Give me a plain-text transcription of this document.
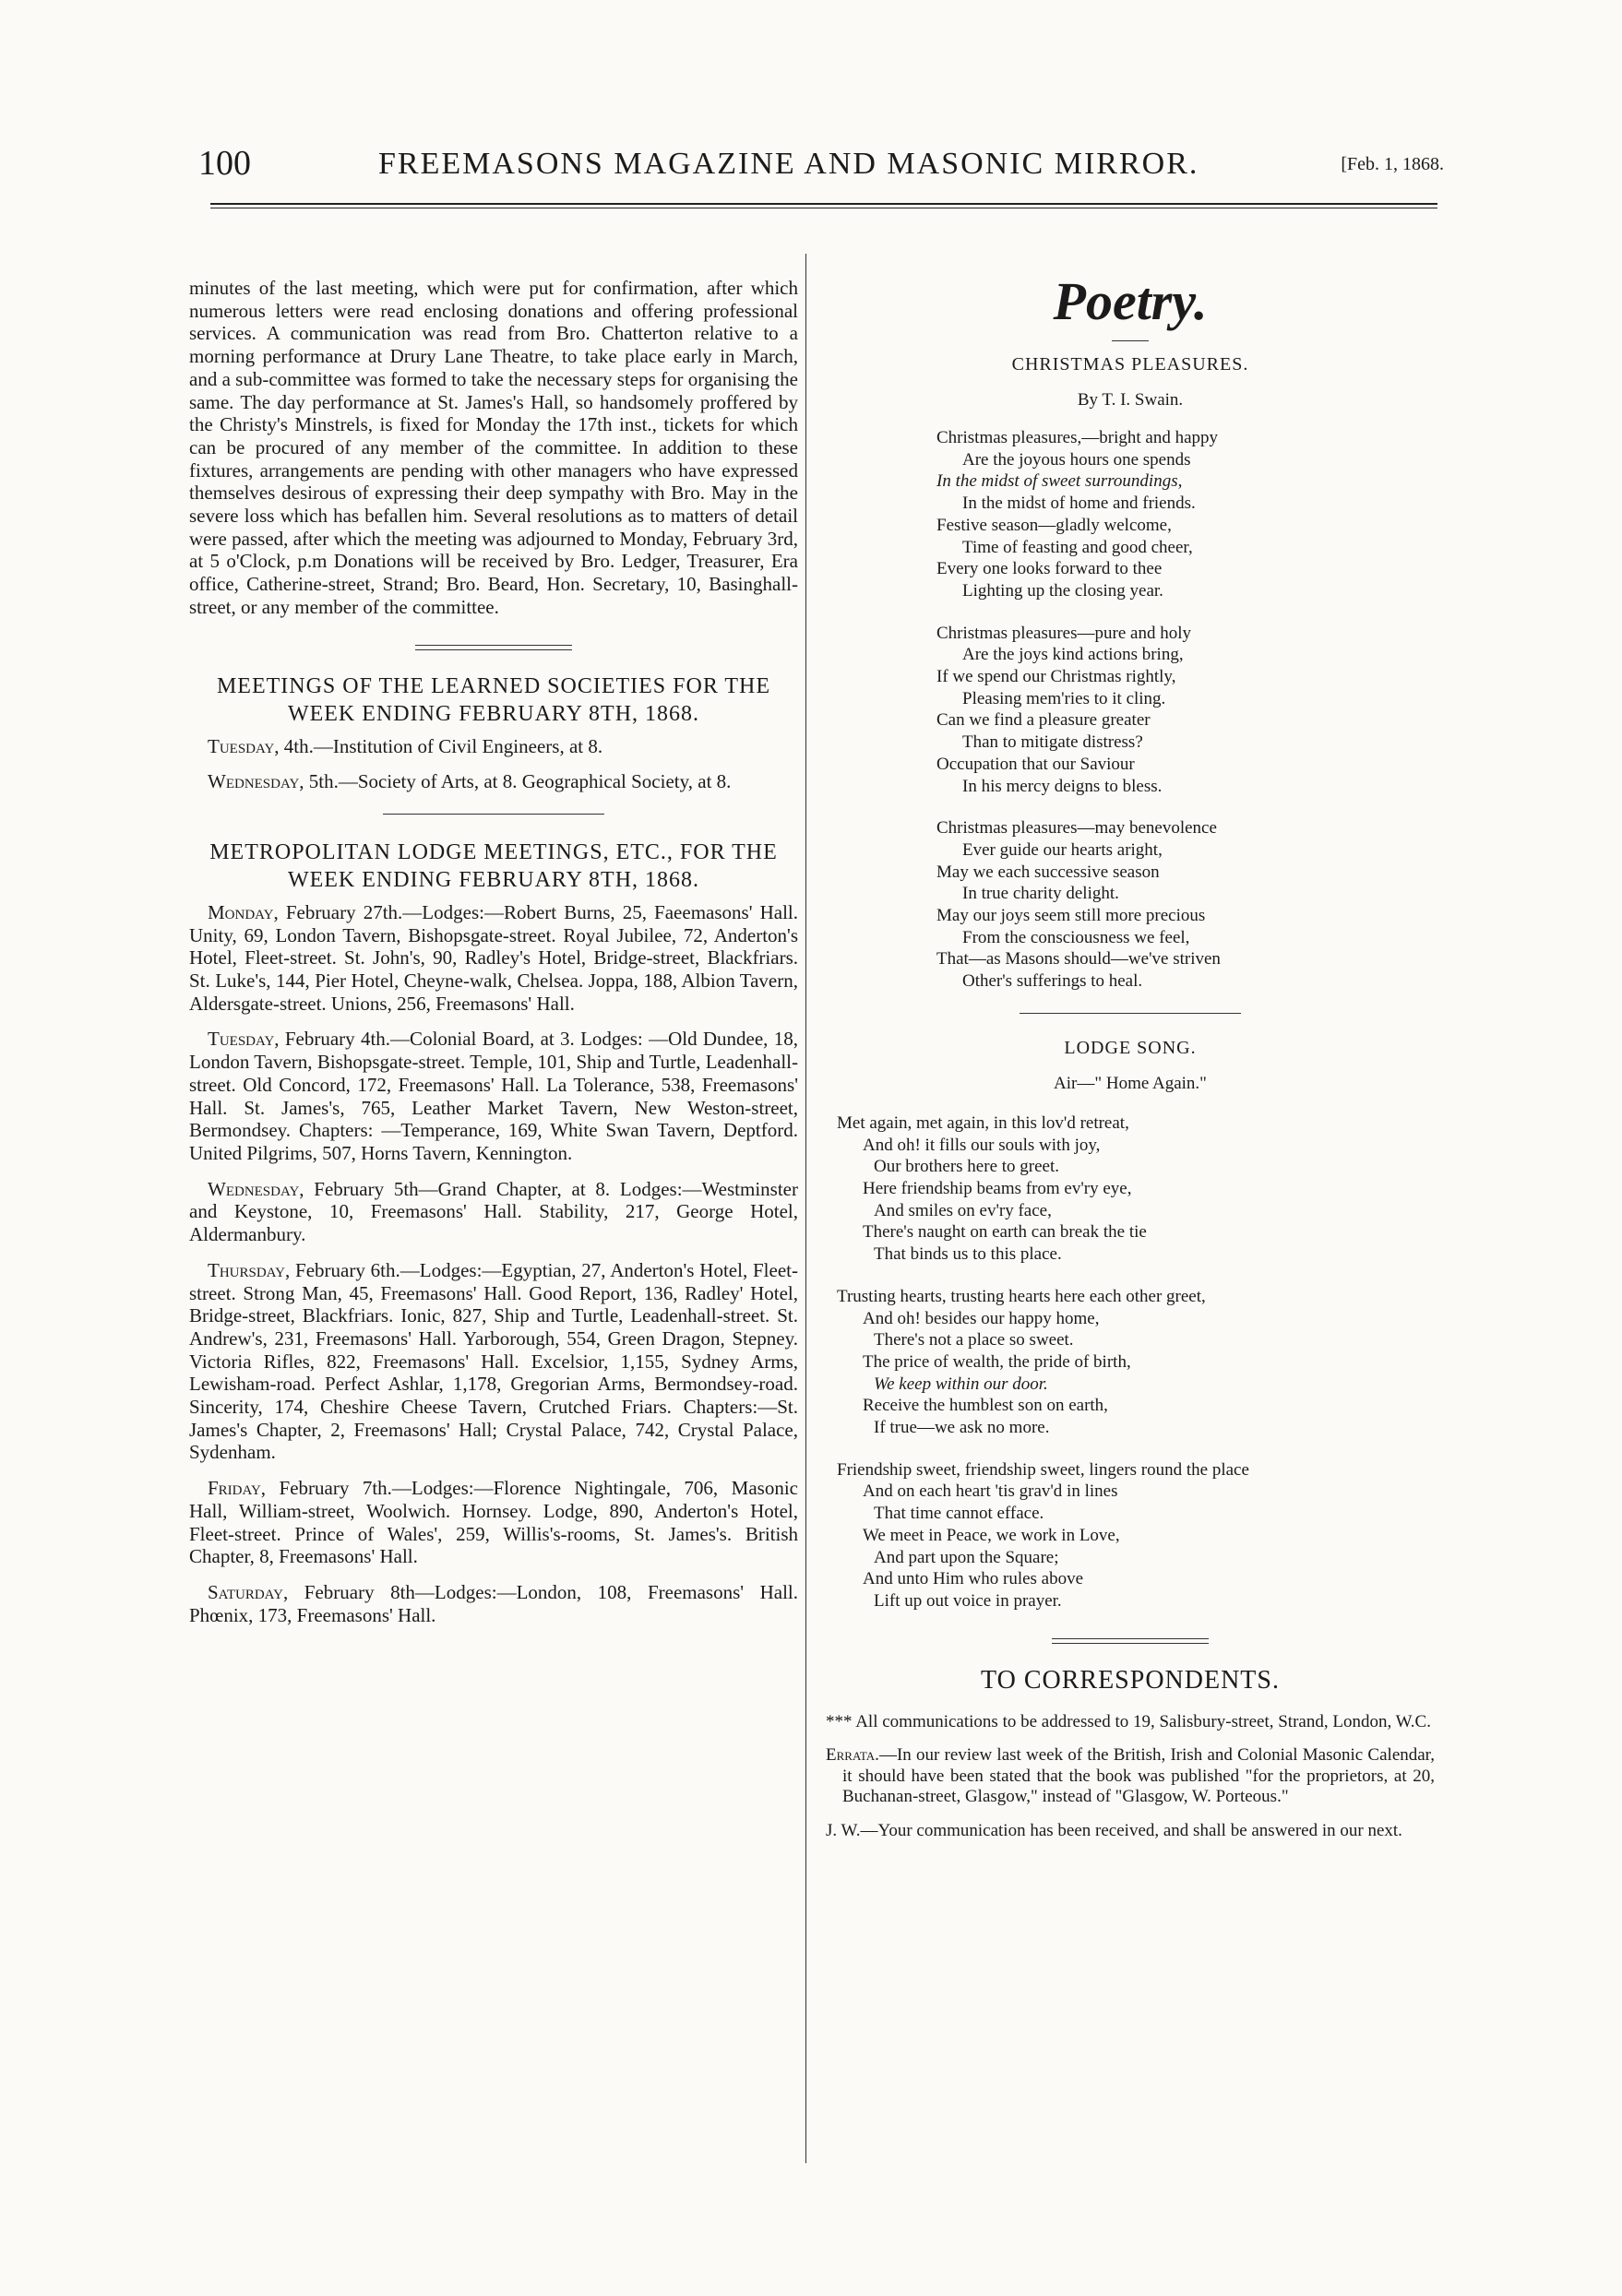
100	FREEMASONS MAGAZINE AND MASONIC MIRROR.	[Feb. 1, 1868.

minutes of the last meeting, which were put for confirmation, after which numerous letters were read enclosing donations and offering professional services. A communication was read from Bro. Chatterton relative to a morning performance at Drury Lane Theatre, to take place early in March, and a sub-committee was formed to take the necessary steps for organising the same. The day performance at St. James's Hall, so handsomely proffered by the Christy's Minstrels, is fixed for Monday the 17th inst., tickets for which can be procured of any member of the committee. In addition to these fixtures, arrangements are pending with other managers who have expressed themselves desirous of expressing their deep sympathy with Bro. May in the severe loss which has befallen him. Several resolutions as to matters of detail were passed, after which the meeting was adjourned to Monday, February 3rd, at 5 o'Clock, p.m Donations will be received by Bro. Ledger, Treasurer, Era office, Catherine-street, Strand; Bro. Beard, Hon. Secretary, 10, Basinghall-street, or any member of the committee.

MEETINGS OF THE LEARNED SOCIETIES FOR THE WEEK ENDING FEBRUARY 8TH, 1868.
Tuesday, 4th.—Institution of Civil Engineers, at 8.
Wednesday, 5th.—Society of Arts, at 8. Geographical Society, at 8.
METROPOLITAN LODGE MEETINGS, ETC., FOR THE WEEK ENDING FEBRUARY 8TH, 1868.
Monday, February 27th.—Lodges:—Robert Burns, 25, Faeemasons' Hall. Unity, 69, London Tavern, Bishopsgate-street. Royal Jubilee, 72, Anderton's Hotel, Fleet-street. St. John's, 90, Radley's Hotel, Bridge-street, Blackfriars. St. Luke's, 144, Pier Hotel, Cheyne-walk, Chelsea. Joppa, 188, Albion Tavern, Aldersgate-street. Unions, 256, Freemasons' Hall.
Tuesday, February 4th.—Colonial Board, at 3. Lodges: —Old Dundee, 18, London Tavern, Bishopsgate-street. Temple, 101, Ship and Turtle, Leadenhall-street. Old Concord, 172, Freemasons' Hall. La Tolerance, 538, Freemasons' Hall. St. James's, 765, Leather Market Tavern, New Weston-street, Bermondsey. Chapters: —Temperance, 169, White Swan Tavern, Deptford. United Pilgrims, 507, Horns Tavern, Kennington.
Wednesday, February 5th—Grand Chapter, at 8. Lodges:—Westminster and Keystone, 10, Freemasons' Hall. Stability, 217, George Hotel, Aldermanbury.
Thursday, February 6th.—Lodges:—Egyptian, 27, Anderton's Hotel, Fleet-street. Strong Man, 45, Freemasons' Hall. Good Report, 136, Radley' Hotel, Bridge-street, Blackfriars. Ionic, 827, Ship and Turtle, Leadenhall-street. St. Andrew's, 231, Freemasons' Hall. Yarborough, 554, Green Dragon, Stepney. Victoria Rifles, 822, Freemasons' Hall. Excelsior, 1,155, Sydney Arms, Lewisham-road. Perfect Ashlar, 1,178, Gregorian Arms, Bermondsey-road. Sincerity, 174, Cheshire Cheese Tavern, Crutched Friars. Chapters:—St. James's Chapter, 2, Freemasons' Hall; Crystal Palace, 742, Crystal Palace, Sydenham.
Friday, February 7th.—Lodges:—Florence Nightingale, 706, Masonic Hall, William-street, Woolwich. Hornsey. Lodge, 890, Anderton's Hotel, Fleet-street. Prince of Wales', 259, Willis's-rooms, St. James's. British Chapter, 8, Freemasons' Hall.
Saturday, February 8th—Lodges:—London, 108, Freemasons' Hall. Phœnix, 173, Freemasons' Hall.
Poetry.
CHRISTMAS PLEASURES.
By T. I. Swain.
Christmas pleasures,—bright and happy
Are the joyous hours one spends
In the midst of sweet surroundings,
In the midst of home and friends.
Festive season—gladly welcome,
Time of feasting and good cheer,
Every one looks forward to thee
Lighting up the closing year.
Christmas pleasures—pure and holy
Are the joys kind actions bring,
If we spend our Christmas rightly,
Pleasing mem'ries to it cling.
Can we find a pleasure greater
Than to mitigate distress?
Occupation that our Saviour
In his mercy deigns to bless.
Christmas pleasures—may benevolence
Ever guide our hearts aright,
May we each successive season
In true charity delight.
May our joys seem still more precious
From the consciousness we feel,
That—as Masons should—we've striven
Other's sufferings to heal.
LODGE SONG.
Air—" Home Again."
Met again, met again, in this lov'd retreat,
And oh! it fills our souls with joy,
Our brothers here to greet.
Here friendship beams from ev'ry eye,
And smiles on ev'ry face,
There's naught on earth can break the tie
That binds us to this place.
Trusting hearts, trusting hearts here each other greet,
And oh! besides our happy home,
There's not a place so sweet.
The price of wealth, the pride of birth,
We keep within our door.
Receive the humblest son on earth,
If true—we ask no more.
Friendship sweet, friendship sweet, lingers round the place
And on each heart 'tis grav'd in lines
That time cannot efface.
We meet in Peace, we work in Love,
And part upon the Square;
And unto Him who rules above
Lift up out voice in prayer.
TO CORRESPONDENTS.
*** All communications to be addressed to 19, Salisbury-street, Strand, London, W.C.
Errata.—In our review last week of the British, Irish and Colonial Masonic Calendar, it should have been stated that the book was published "for the proprietors, at 20, Buchanan-street, Glasgow," instead of "Glasgow, W. Porteous."
J. W.—Your communication has been received, and shall be answered in our next.
